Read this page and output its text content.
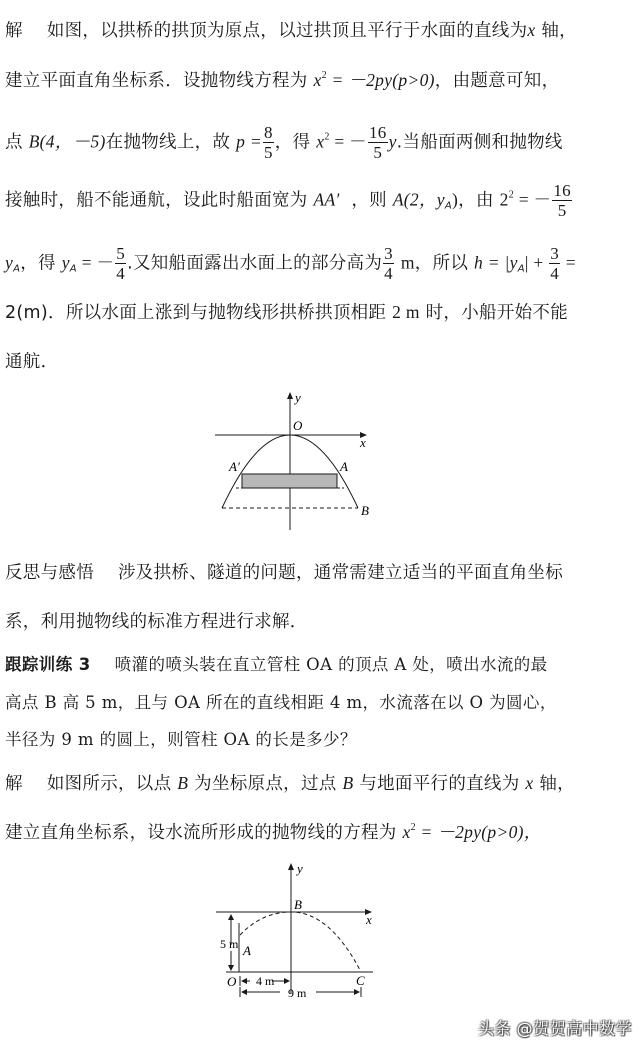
解 如图，以拱桥的拱顶为原点，以过拱顶且平行于水面的直线为x 轴，
建立平面直角坐标系．设抛物线方程为 $x^2 = -2py(p>0)$，由题意可知，
点 B(4，－5)在抛物线上，故 $p = \frac{8}{5}$ ，得 $x^2$ = － $\frac{16}{5} y$.当船面两侧和抛物线
接触时，船不能通航，设此时船面宽为 AA′ ，则 A(2，$y_A$)，由 $2^2$ = － $\frac{16}{5}$
$y_A$，得 $y_A$ = － $\frac{5}{4}$ .又知船面露出水面上的部分高为 $\frac{3}{4}$ m，所以 $h = |y_A| + \frac{3}{4}$ =
2(m)．所以水面上涨到与抛物线形拱桥拱顶相距 2 m 时，小船开始不能
通航．
y
O
x
A′	A
B
反思与感悟 涉及拱桥、隧道的问题，通常需建立适当的平面直角坐标
系，利用抛物线的标准方程进行求解．
跟踪训练 3 喷灌的喷头装在直立管柱 OA 的顶点 A 处，喷出水流的最
高点 B 高 5 m，且与 OA 所在的直线相距 4 m，水流落在以 O 为圆心，
半径为 9 m 的圆上，则管柱 OA 的长是多少？
解 如图所示，以点 B 为坐标原点，过点 B 与地面平行的直线为 x 轴，
建立直角坐标系，设水流所形成的抛物线的方程为 $x^2 = -2py(p>0)$，
y
B
x
5 m A
O 4 m	C
9 m
头条 @贺贺高中数学
